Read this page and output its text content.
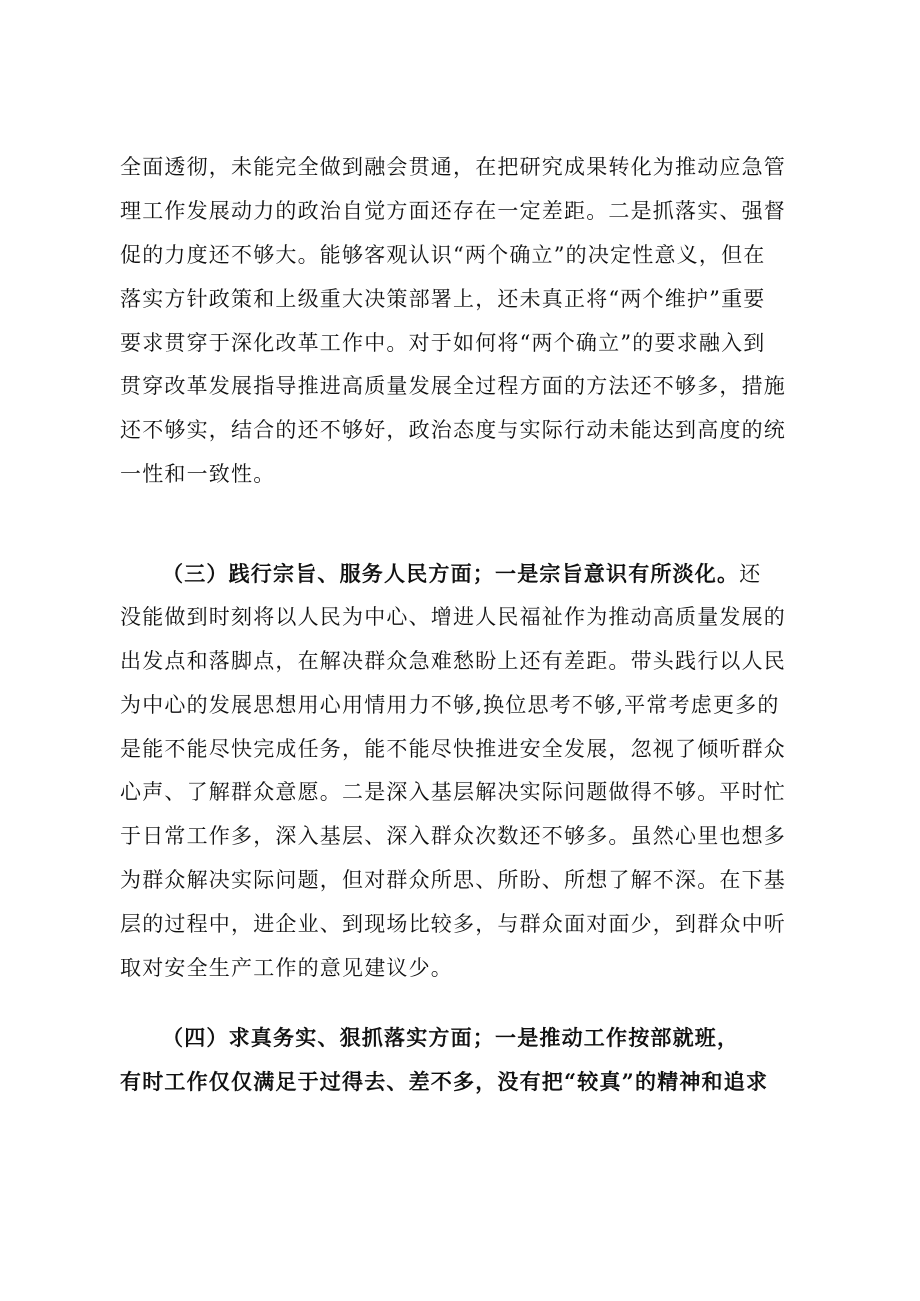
全面透彻，未能完全做到融会贯通，在把研究成果转化为推动应急管
理工作发展动力的政治自觉方面还存在一定差距。二是抓落实、强督
促的力度还不够大。能够客观认识“两个确立”的决定性意义，但在
落实方针政策和上级重大决策部署上，还未真正将“两个维护”重要
要求贯穿于深化改革工作中。对于如何将“两个确立”的要求融入到
贯穿改革发展指导推进高质量发展全过程方面的方法还不够多，措施
还不够实，结合的还不够好，政治态度与实际行动未能达到高度的统
一性和一致性。
（三）践行宗旨、服务人民方面；一是宗旨意识有所淡化。还
没能做到时刻将以人民为中心、增进人民福祉作为推动高质量发展的
出发点和落脚点，在解决群众急难愁盼上还有差距。带头践行以人民
为中心的发展思想用心用情用力不够,换位思考不够,平常考虑更多的
是能不能尽快完成任务，能不能尽快推进安全发展，忽视了倾听群众
心声、了解群众意愿。二是深入基层解决实际问题做得不够。平时忙
于日常工作多，深入基层、深入群众次数还不够多。虽然心里也想多
为群众解决实际问题，但对群众所思、所盼、所想了解不深。在下基
层的过程中，进企业、到现场比较多，与群众面对面少，到群众中听
取对安全生产工作的意见建议少。
（四）求真务实、狠抓落实方面；一是推动工作按部就班，
有时工作仅仅满足于过得去、差不多，没有把“较真”的精神和追求
